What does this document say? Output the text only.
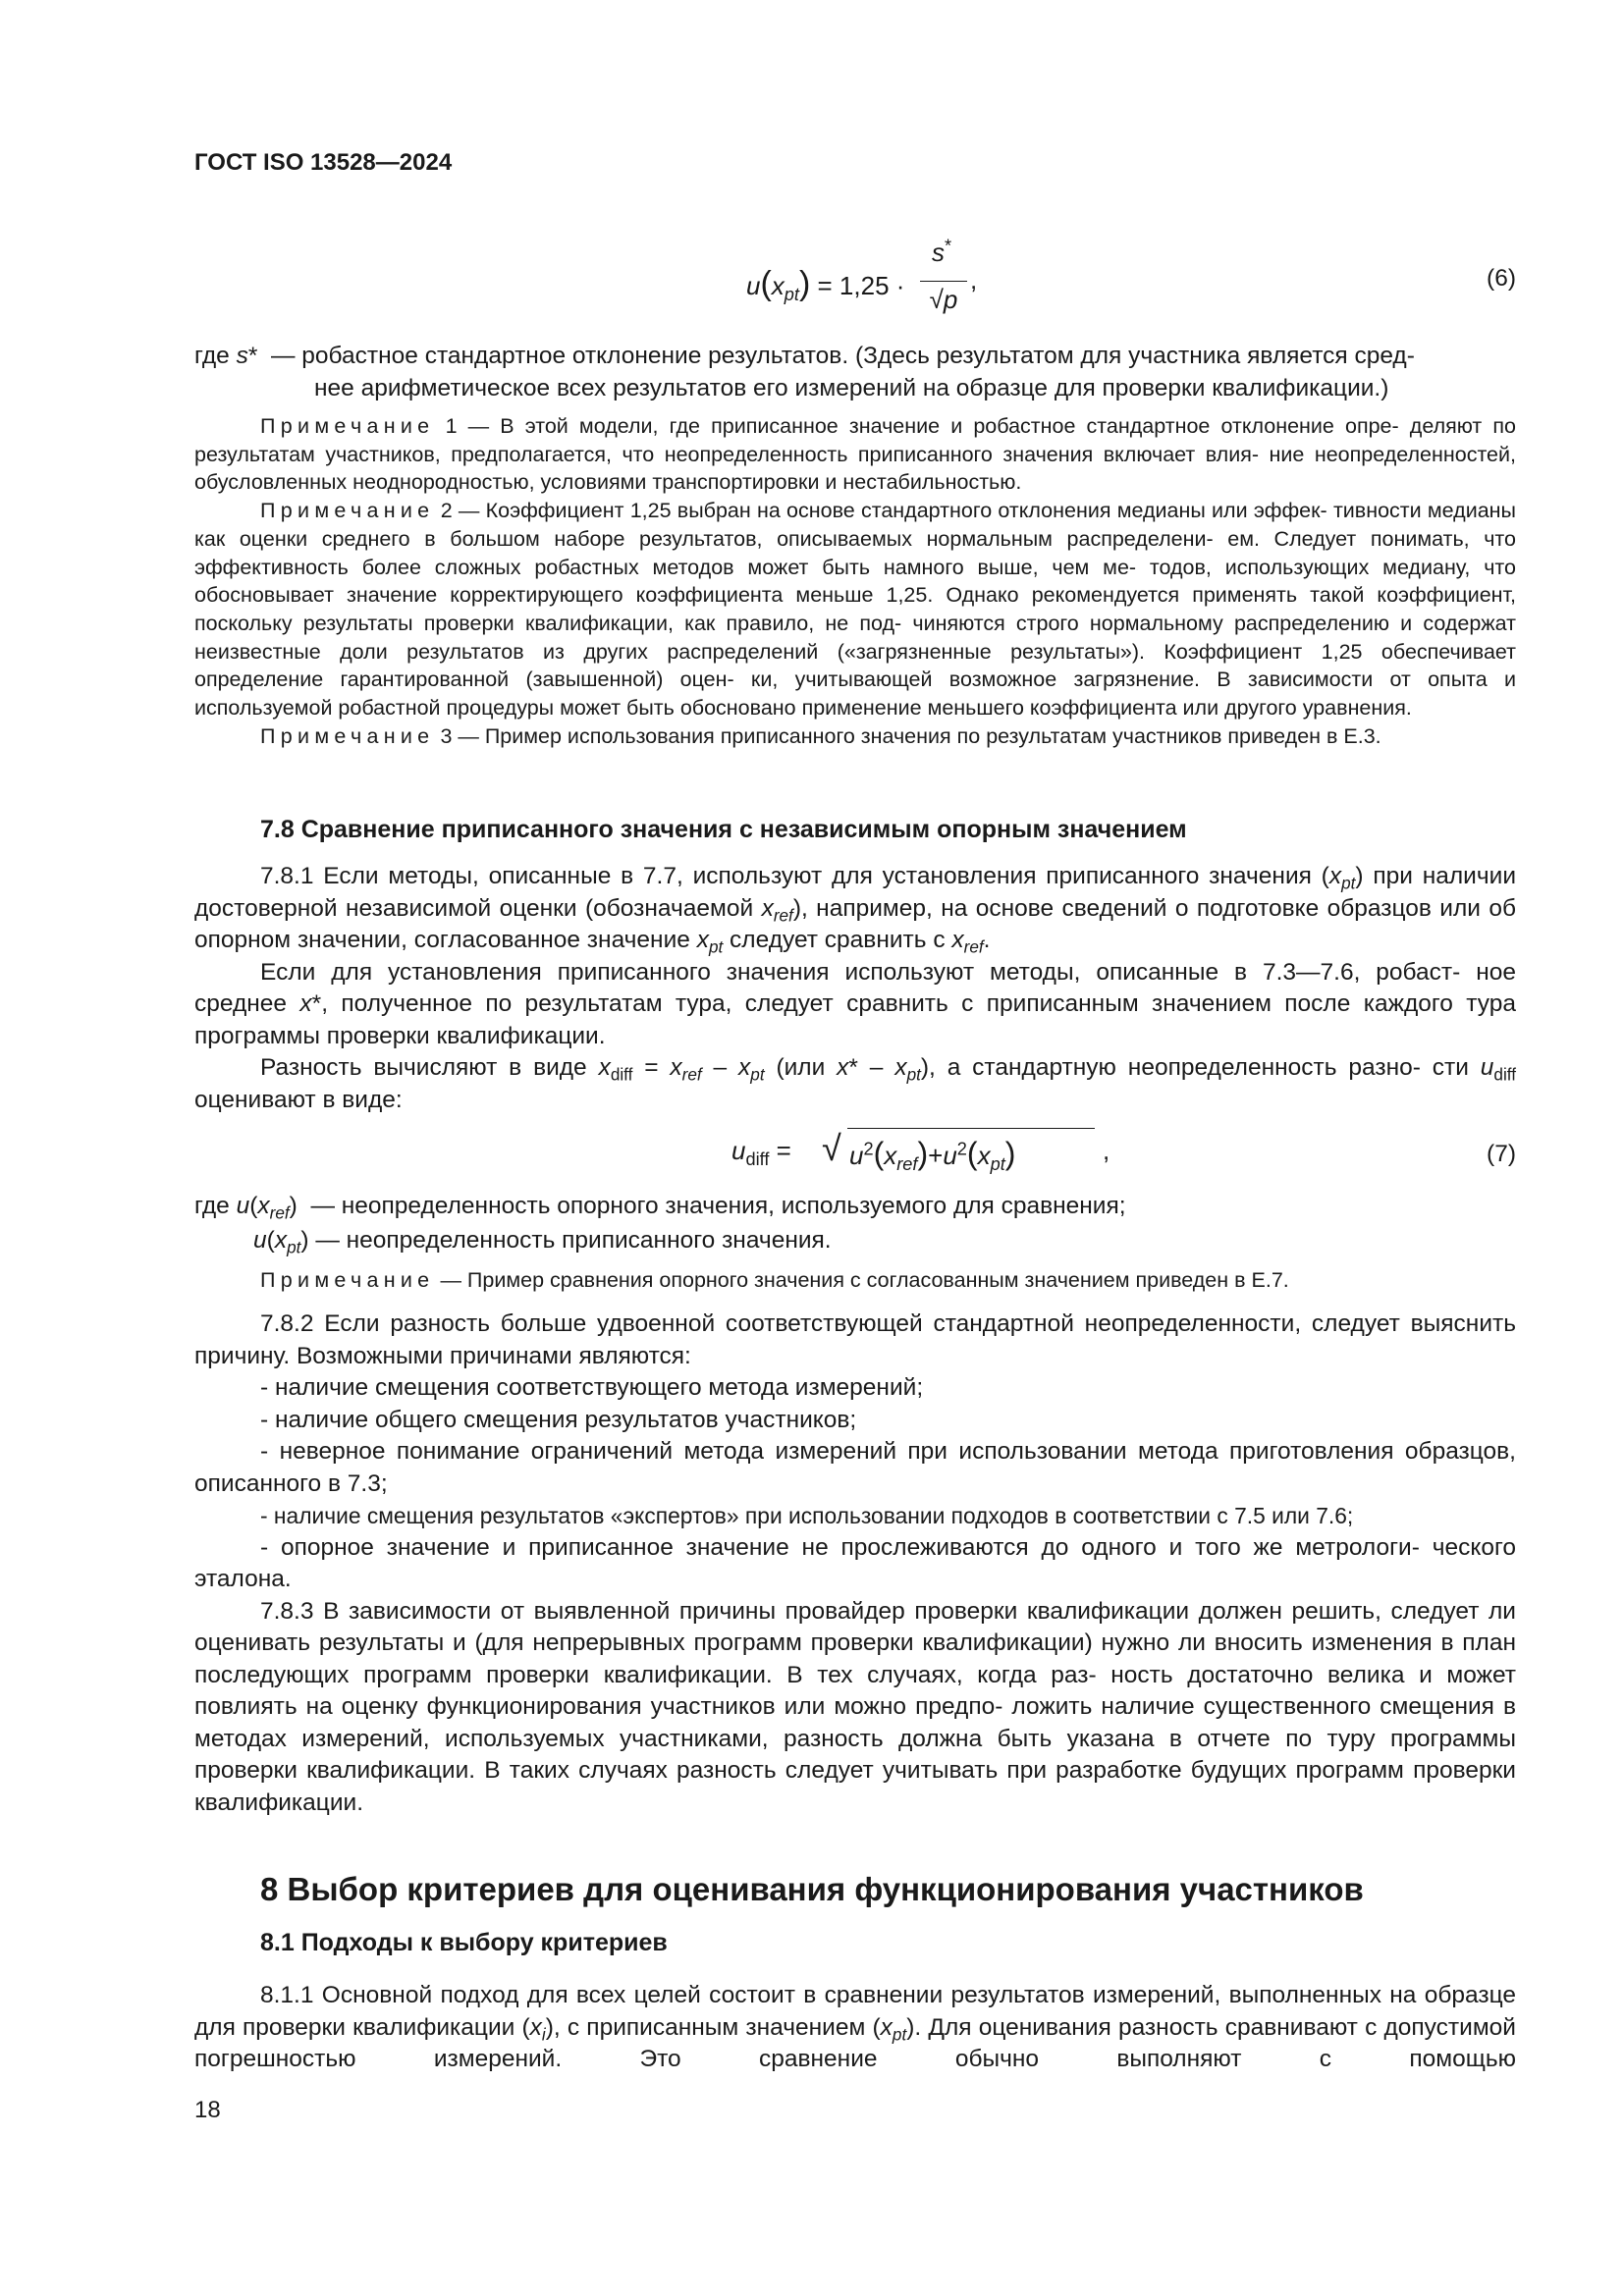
ГОСТ ISO 13528—2024
$u(x_{pt}) = 1,25$ ·
s*
√p
,	(6)

где s*  — робастное стандартное отклонение результатов. (Здесь результатом для участника является сред-
нее арифметическое всех результатов его измерений на образце для проверки квалификации.)

Примечание 1 — В этой модели, где приписанное значение и робастное стандартное отклонение опре- деляют по результатам участников, предполагается, что неопределенность приписанного значения включает влия- ние неопределенностей, обусловленных неоднородностью, условиями транспортировки и нестабильностью.

Примечание 2 — Коэффициент 1,25 выбран на основе стандартного отклонения медианы или эффек- тивности медианы как оценки среднего в большом наборе результатов, описываемых нормальным распределени- ем. Следует понимать, что эффективность более сложных робастных методов может быть намного выше, чем ме- тодов, использующих медиану, что обосновывает значение корректирующего коэффициента меньше 1,25. Однако рекомендуется применять такой коэффициент, поскольку результаты проверки квалификации, как правило, не под- чиняются строго нормальному распределению и содержат неизвестные доли результатов из других распределений («загрязненные результаты»). Коэффициент 1,25 обеспечивает определение гарантированной (завышенной) оцен- ки, учитывающей возможное загрязнение. В зависимости от опыта и используемой робастной процедуры может быть обосновано применение меньшего коэффициента или другого уравнения.

Примечание 3 — Пример использования приписанного значения по результатам участников приведен в Е.3.

7.8 Сравнение приписанного значения с независимым опорным значением

7.8.1 Если методы, описанные в 7.7, используют для установления приписанного значения $(x_{pt})$ при наличии достоверной независимой оценки (обозначаемой $x_{ref}$), например, на основе сведений о подготовке образцов или об опорном значении, согласованное значение $x_{pt}$ следует сравнить с $x_{ref}$.

Если для установления приписанного значения используют методы, описанные в 7.3—7.6, робаст- ное среднее x*, полученное по результатам тура, следует сравнить с приписанным значением после каждого тура программы проверки квалификации.

Разность вычисляют в виде $x_{diff} = x_{ref} - x_{pt}$ (или $x* - x_{pt}$), а стандартную неопределенность разно- сти $u_{diff}$ оценивают в виде:

$u_{diff}$ = √ $u^2(x_{ref})+u^2(x_{pt})$	,	(7)
где $u(x_{ref})$  — неопределенность опорного значения, используемого для сравнения;
$u(x_{pt})$ — неопределенность приписанного значения.
Примечание — Пример сравнения опорного значения с согласованным значением приведен в Е.7.

7.8.2 Если разность больше удвоенной соответствующей стандартной неопределенности, следует выяснить причину. Возможными причинами являются:

- наличие смещения соответствующего метода измерений;

- наличие общего смещения результатов участников;

- неверное понимание ограничений метода измерений при использовании метода приготовления образцов, описанного в 7.3;

- наличие смещения результатов «экспертов» при использовании подходов в соответствии с 7.5 или 7.6;

- опорное значение и приписанное значение не прослеживаются до одного и того же метрологи- ческого эталона.

7.8.3 В зависимости от выявленной причины провайдер проверки квалификации должен решить, следует ли оценивать результаты и (для непрерывных программ проверки квалификации) нужно ли вносить изменения в план последующих программ проверки квалификации. В тех случаях, когда раз- ность достаточно велика и может повлиять на оценку функционирования участников или можно предпо- ложить наличие существенного смещения в методах измерений, используемых участниками, разность должна быть указана в отчете по туру программы проверки квалификации. В таких случаях разность следует учитывать при разработке будущих программ проверки квалификации.

8 Выбор критериев для оценивания функционирования участников
8.1 Подходы к выбору критериев

8.1.1 Основной подход для всех целей состоит в сравнении результатов измерений, выполненных на образце для проверки квалификации $(x_i)$, с приписанным значением $(x_{pt})$. Для оценивания разность сравнивают с допустимой погрешностью измерений. Это сравнение обычно выполняют с помощью

18
